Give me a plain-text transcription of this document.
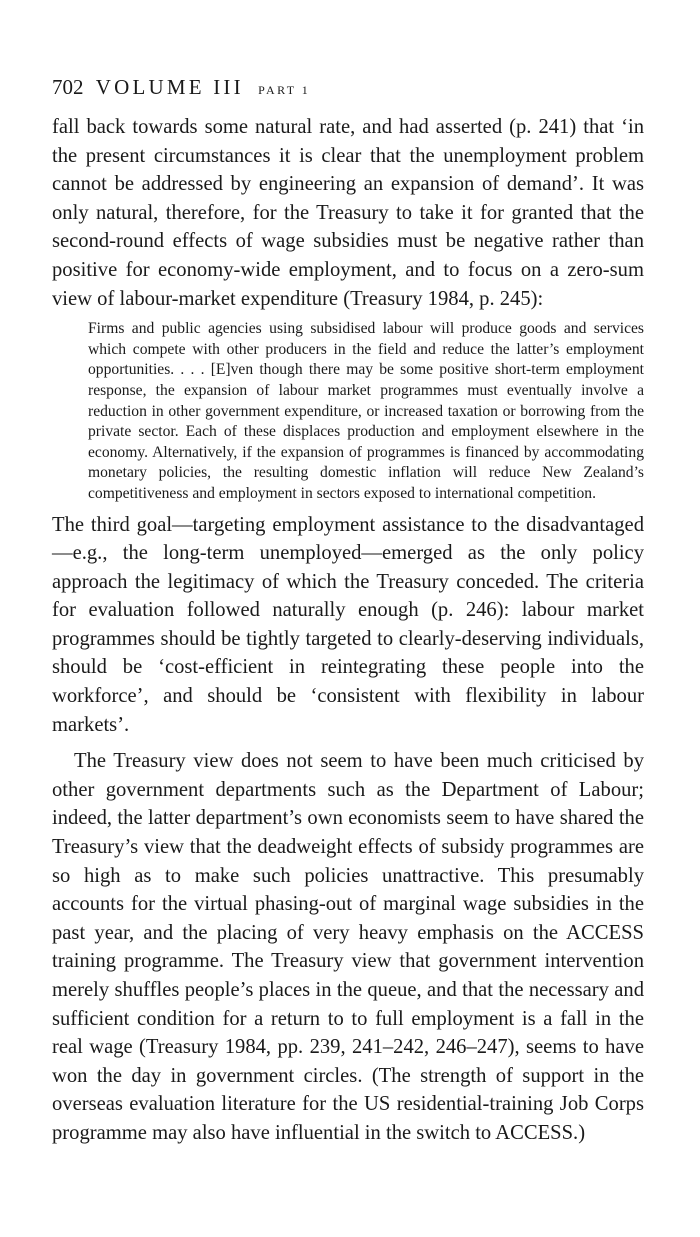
702 VOLUME III PART 1

fall back towards some natural rate, and had asserted (p. 241) that ‘in the present circumstances it is clear that the unemployment problem cannot be addressed by engineering an expansion of demand’. It was only natural, therefore, for the Treasury to take it for granted that the second-round effects of wage subsidies must be negative rather than positive for economy-wide employment, and to focus on a zero-sum view of labour-market expenditure (Treasury 1984, p. 245):

Firms and public agencies using subsidised labour will produce goods and services which compete with other producers in the field and reduce the latter’s employment opportunities. . . . [E]ven though there may be some positive short-term employment response, the expansion of labour market programmes must eventually involve a reduction in other government expenditure, or increased taxation or borrowing from the private sector. Each of these displaces production and employment elsewhere in the economy. Alternatively, if the expansion of programmes is financed by accommodating monetary policies, the resulting domestic inflation will reduce New Zealand’s competitiveness and employment in sectors exposed to international competition.

The third goal—targeting employment assistance to the disadvantaged—e.g., the long-term unemployed—emerged as the only policy approach the legitimacy of which the Treasury conceded. The criteria for evaluation followed naturally enough (p. 246): labour market programmes should be tightly targeted to clearly-deserving individuals, should be ‘cost-efficient in reintegrating these people into the workforce’, and should be ‘consistent with flexibility in labour markets’.

The Treasury view does not seem to have been much criticised by other government departments such as the Department of Labour; indeed, the latter department’s own economists seem to have shared the Treasury’s view that the deadweight effects of subsidy programmes are so high as to make such policies unattractive. This presumably accounts for the virtual phasing-out of marginal wage subsidies in the past year, and the placing of very heavy emphasis on the ACCESS training programme. The Treasury view that government intervention merely shuffles people’s places in the queue, and that the necessary and sufficient condition for a return to to full employment is a fall in the real wage (Treasury 1984, pp. 239, 241–242, 246–247), seems to have won the day in government circles. (The strength of support in the overseas evaluation literature for the US residential-training Job Corps programme may also have influential in the switch to ACCESS.)
